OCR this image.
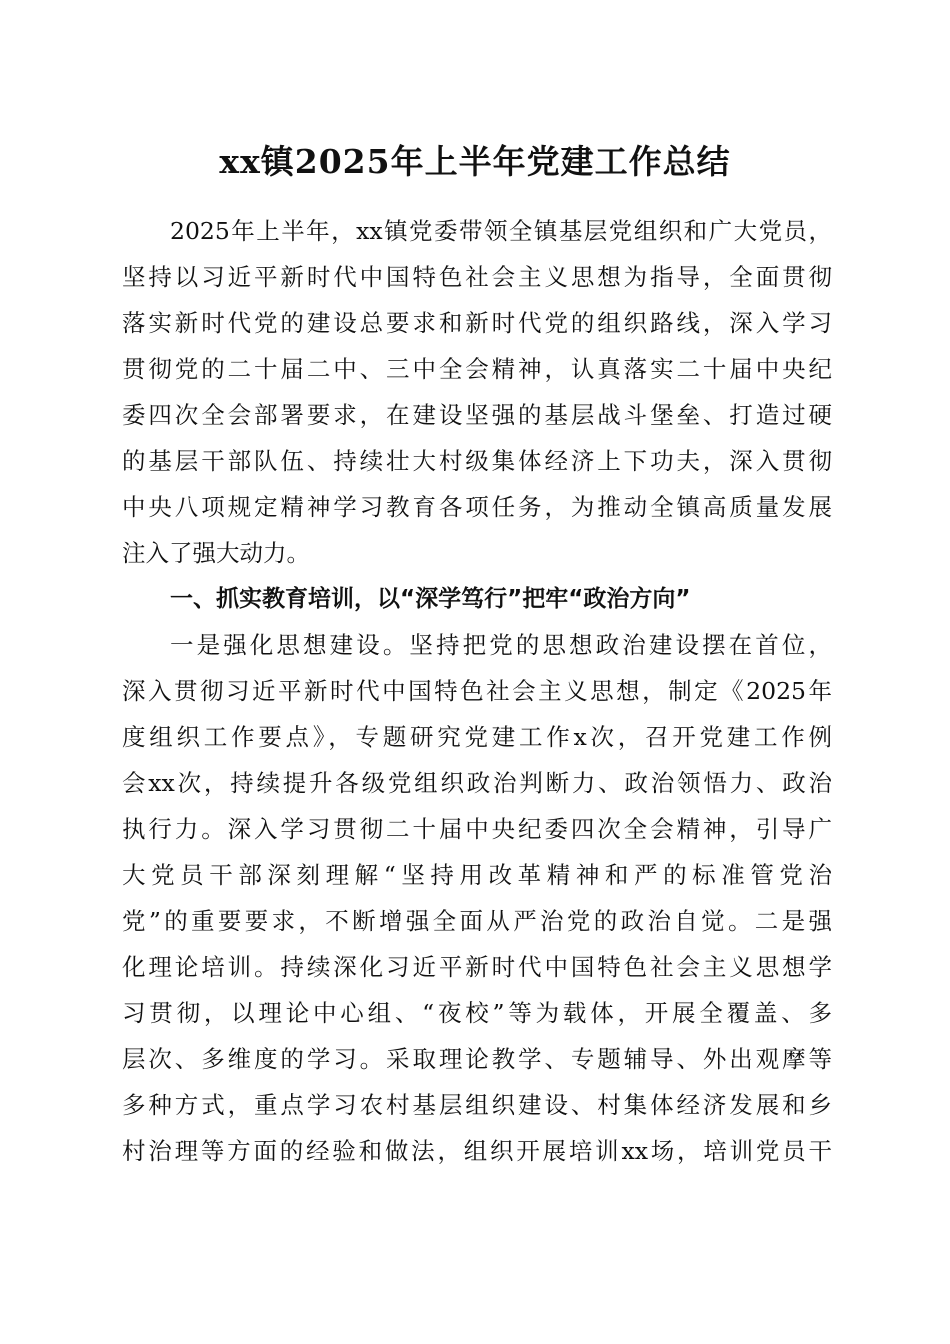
xx镇2025年上半年党建工作总结
2025年上半年，xx镇党委带领全镇基层党组织和广大党员，
坚持以习近平新时代中国特色社会主义思想为指导，全面贯彻
落实新时代党的建设总要求和新时代党的组织路线，深入学习
贯彻党的二十届二中、三中全会精神，认真落实二十届中央纪
委四次全会部署要求，在建设坚强的基层战斗堡垒、打造过硬
的基层干部队伍、持续壮大村级集体经济上下功夫，深入贯彻
中央八项规定精神学习教育各项任务，为推动全镇高质量发展
注入了强大动力。
一、抓实教育培训，以“深学笃行”把牢“政治方向”
一是强化思想建设。坚持把党的思想政治建设摆在首位，
深入贯彻习近平新时代中国特色社会主义思想，制定《2025年
度组织工作要点》，专题研究党建工作x次，召开党建工作例
会xx次，持续提升各级党组织政治判断力、政治领悟力、政治
执行力。深入学习贯彻二十届中央纪委四次全会精神，引导广
大党员干部深刻理解“坚持用改革精神和严的标准管党治
党”的重要要求，不断增强全面从严治党的政治自觉。二是强
化理论培训。持续深化习近平新时代中国特色社会主义思想学
习贯彻，以理论中心组、“夜校”等为载体，开展全覆盖、多
层次、多维度的学习。采取理论教学、专题辅导、外出观摩等
多种方式，重点学习农村基层组织建设、村集体经济发展和乡
村治理等方面的经验和做法，组织开展培训xx场，培训党员干
